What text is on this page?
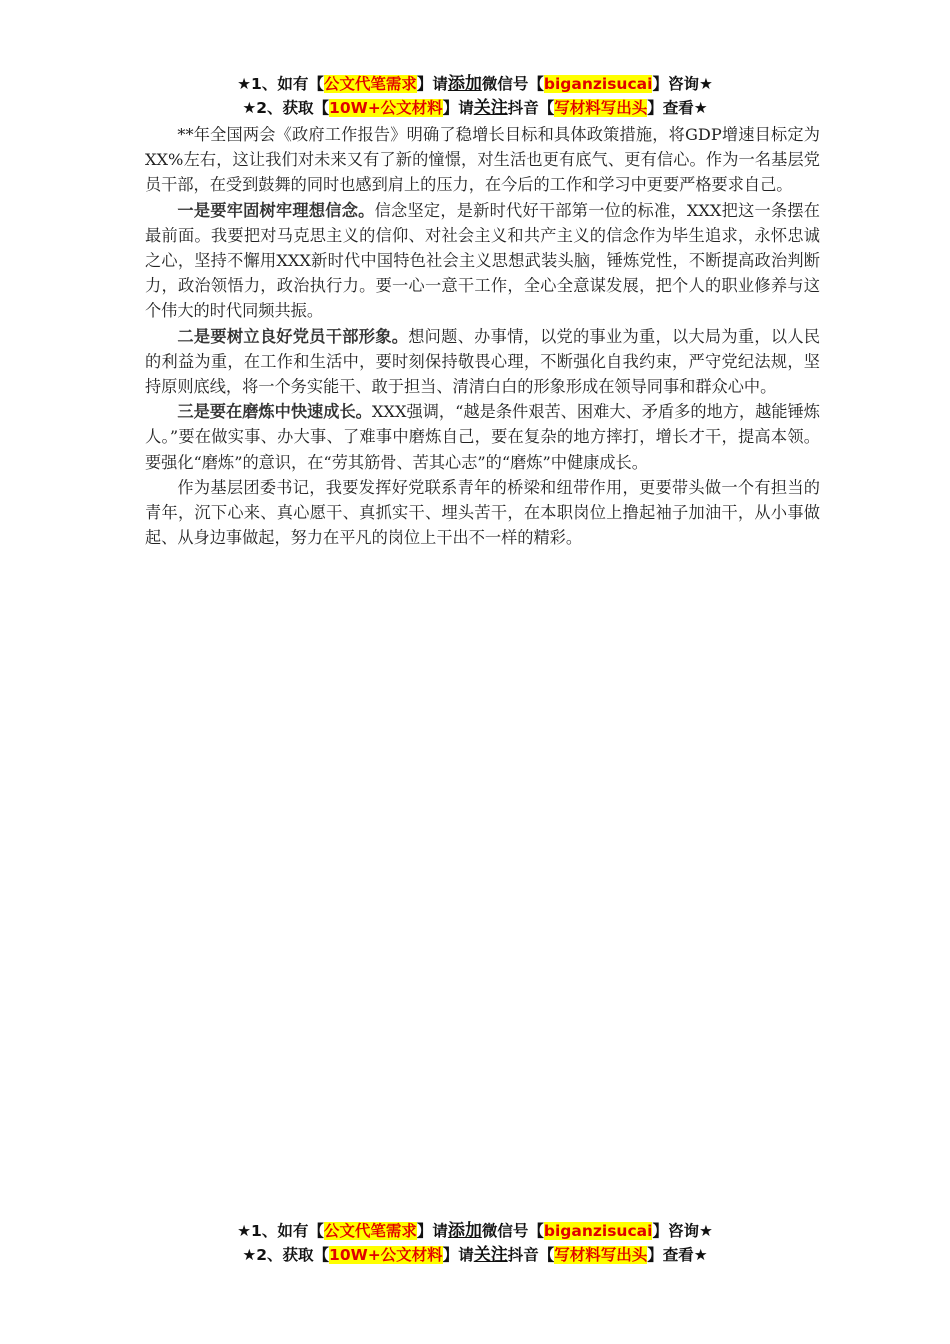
★1、如有【公文代笔需求】请添加微信号【biganzisucai】咨询★
★2、获取【10W+公文材料】请关注抖音【写材料写出头】查看★

**年全国两会《政府工作报告》明确了稳增长目标和具体政策措施，将GDP增速目标定为XX%左右，这让我们对未来又有了新的憧憬，对生活也更有底气、更有信心。作为一名基层党员干部，在受到鼓舞的同时也感到肩上的压力，在今后的工作和学习中更要严格要求自己。

一是要牢固树牢理想信念。信念坚定，是新时代好干部第一位的标准，XXX把这一条摆在最前面。我要把对马克思主义的信仰、对社会主义和共产主义的信念作为毕生追求，永怀忠诚之心，坚持不懈用XXX新时代中国特色社会主义思想武装头脑，锤炼党性，不断提高政治判断力，政治领悟力，政治执行力。要一心一意干工作，全心全意谋发展，把个人的职业修养与这个伟大的时代同频共振。

二是要树立良好党员干部形象。想问题、办事情，以党的事业为重，以大局为重，以人民的利益为重，在工作和生活中，要时刻保持敬畏心理，不断强化自我约束，严守党纪法规，坚持原则底线，将一个务实能干、敢于担当、清清白白的形象形成在领导同事和群众心中。

三是要在磨炼中快速成长。XXX强调，“越是条件艰苦、困难大、矛盾多的地方，越能锤炼人。”要在做实事、办大事、了难事中磨炼自己，要在复杂的地方摔打，增长才干，提高本领。要强化“磨炼”的意识，在“劳其筋骨、苦其心志”的“磨炼”中健康成长。

作为基层团委书记，我要发挥好党联系青年的桥梁和纽带作用，更要带头做一个有担当的青年，沉下心来、真心愿干、真抓实干、埋头苦干，在本职岗位上撸起袖子加油干，从小事做起、从身边事做起，努力在平凡的岗位上干出不一样的精彩。

★1、如有【公文代笔需求】请添加微信号【biganzisucai】咨询★
★2、获取【10W+公文材料】请关注抖音【写材料写出头】查看★
